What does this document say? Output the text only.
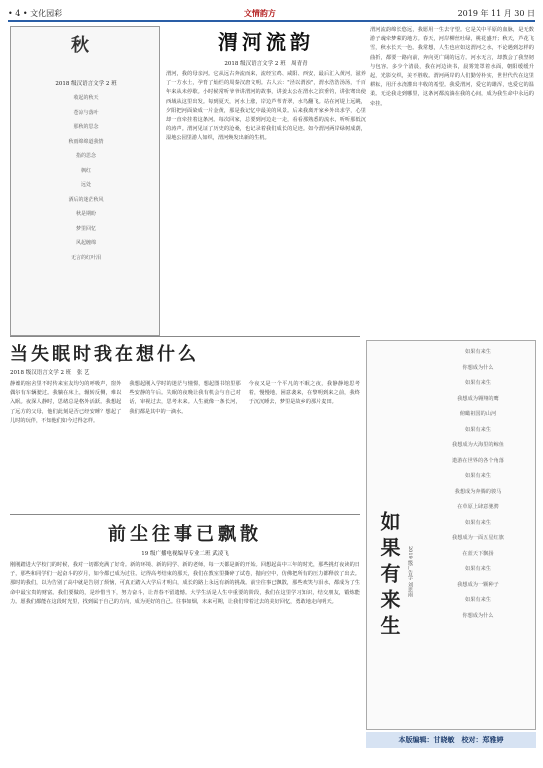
• 4 • 文化园彩	文情韵方	2019 年 11 月 30 日
秋
2018 级汉语言文学 2 班
收起的秋天
苍凉与落叶
那秋的思念
秋雨绵绵道我情
指的思念
枫红
远处
酒后的迷茫秋风
秋是期盼
梦里回忆
风起缠绵
无言的红叶泪
渭河流韵
2018 级汉语言文学 2 班　周青青
渭河，我的母亲河。它从远古奔流而来，流经宝鸡、咸阳、西安，最后汇入黄河，滋养了一方水土，孕育了灿烂的周秦汉唐文明。古人云："泾以渭浊"，渭水浩浩汤汤，千百年来从未停歇。小时候常听爷爷讲渭河的故事，讲姜太公在渭水之滨垂钓，讲张骞出使西域从这里出发。每到夏天，河水上涨，岸边芦苇青翠，水鸟翻飞。站在河堤上远眺，夕阳把河面染成一片金黄，那是我记忆中最美的风景。后来我离开家乡外出求学，心里却一直牵挂着这条河。每次回家，总要到河边走一走，看看那熟悉的流水，听听那低沉的涛声。渭河见证了历史的沧桑，也记录着我们成长的足迹。如今渭河两岸绿树成荫，湿地公园里游人如织，渭河焕发出新的生机。
渭河流韵绵长悠远，我愿用一生去守望。它是关中平原的血脉，是无数游子魂牵梦萦的地方。春天，河岸柳丝吐绿，桃花盛开；秋天，芦花飞雪，秋水长天一色。我常想，人生也应如这渭河之水，不论遇到怎样的曲折，都要一路向前，奔向更广阔的远方。河水无言，却教会了我坚韧与包容。多少个清晨，我在河边读书，晨雾笼罩着水面，朝阳缓缓升起，光影交织，美不胜收。渭河两岸的人们勤劳朴实，世世代代在这里耕耘，用汗水浇灌出丰收的希望。我爱渭河，爱它的雄浑，也爱它的温柔。无论我走到哪里，这条河都流淌在我的心间，成为我生命中永远的牵挂。
当失眠时我在想什么
2018 级汉语言文学 2 班　张 艺
静谧的宿舍里不时传来室友均匀的呼吸声，窗外偶尔有车辆驶过。我躺在床上，辗转反侧，难以入眠。夜深人静时，思绪总是格外活跃。我想起了远方的父母，他们此刻是否已经安睡？想起了儿时的玩伴，不知他们如今过得怎样。
我想起刚入学时的迷茫与憧憬，想起图书馆里那些安静的午后。失眠的夜晚让我有机会与自己对话，审视过去，思考未来。人生就像一条长河，我们都是其中的一滴水。
今夜又是一个平凡的不眠之夜，我静静地思考着，慢慢地，困意袭来，在黎明到来之前，我终于沉沉睡去，梦里是故乡的那片麦田。
如果有来生	2019 级广告学 刘思雨
如果有来生
你想成为什么
如果有来生
我想成为翱翔的鹰
俯瞰祖国的山河
如果有来生
我想成为大海里的鲸鱼
遨游在世界的各个角落
如果有来生
我想成为奔腾的骏马
在草原上肆意驰骋
如果有来生
我想成为一面五星红旗
在蓝天下飘扬
如果有来生
我想成为一颗种子
如果有来生
你想成为什么
前尘往事已飘散
19 级广播电视编导专业二班 武凌飞
刚刚踏进大学校门的时候，我对一切都充满了好奇。新的环境、新的同学、新的老师，每一天都是新的开始。回想起高中三年的时光，那些挑灯夜读的日子，那些和同学们一起奋斗的岁月，如今都已成为过往。记得高考结束的那天，我们在教室里撕碎了试卷，抛向空中，仿佛把所有的压力都释放了出去。那时的我们，以为告别了高中就是告别了烦恼，可真正踏入大学后才明白，成长的路上永远有新的挑战。前尘往事已飘散，那些欢笑与泪水，都成为了生命中最宝贵的财富。我们要做的，是珍惜当下，努力奋斗，让青春不留遗憾。大学生活是人生中重要的阶段，我们在这里学习知识，结交朋友，锻炼能力。愿我们都能在这段时光里，找到属于自己的方向，成为更好的自己。往事如烟，未来可期，让我们带着过去的美好回忆，勇敢地走向明天。
本版编辑：甘晓敏　校对：郑雅婷
